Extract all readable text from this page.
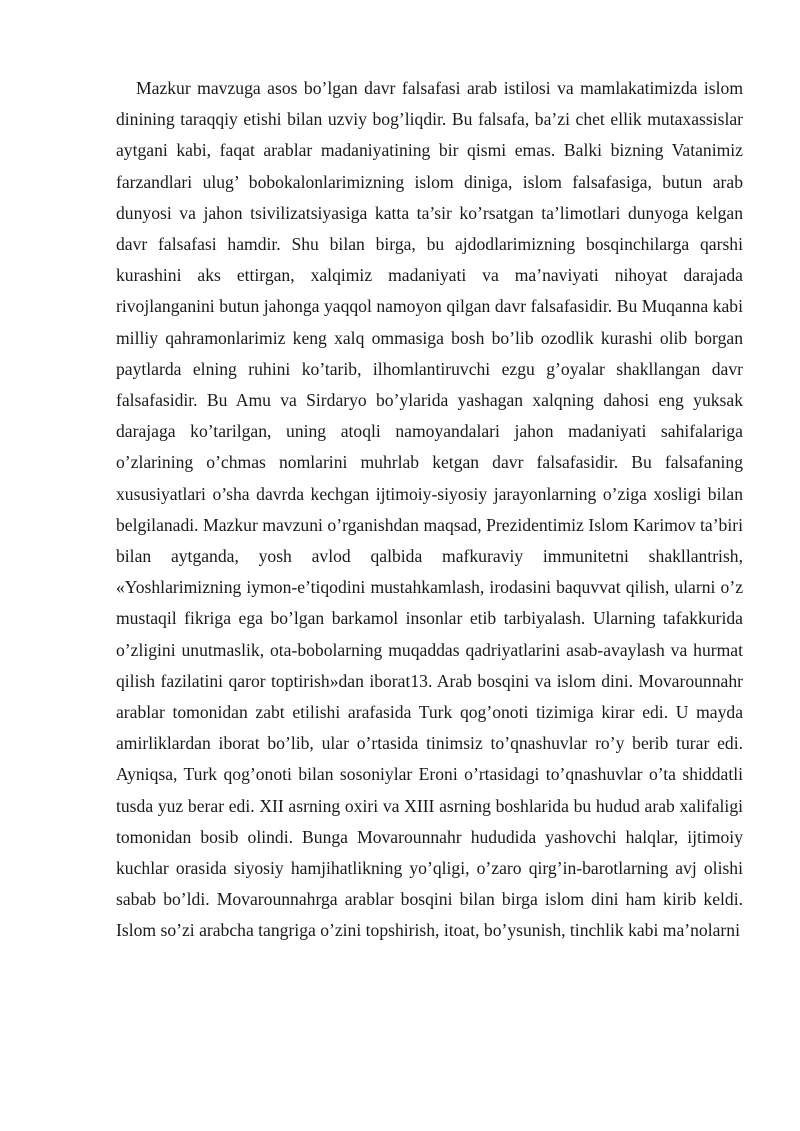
Mazkur mavzuga asos bo’lgan davr falsafasi arab istilosi va mamlakatimizda islom dinining taraqqiy etishi bilan uzviy bog’liqdir. Bu falsafa, ba’zi chet ellik mutaxassislar aytgani kabi, faqat arablar madaniyatining bir qismi emas. Balki bizning Vatanimiz farzandlari ulug’ bobokalonlarimizning islom diniga, islom falsafasiga, butun arab dunyosi va jahon tsivilizatsiyasiga katta ta’sir ko’rsatgan ta’limotlari dunyoga kelgan davr falsafasi hamdir. Shu bilan birga, bu ajdodlarimizning bosqinchilarga qarshi kurashini aks ettirgan, xalqimiz madaniyati va ma’naviyati nihoyat darajada rivojlanganini butun jahonga yaqqol namoyon qilgan davr falsafasidir. Bu Muqanna kabi milliy qahramonlarimiz keng xalq ommasiga bosh bo’lib ozodlik kurashi olib borgan paytlarda elning ruhini ko’tarib, ilhomlantiruvchi ezgu g’oyalar shakllangan davr falsafasidir. Bu Amu va Sirdaryo bo’ylarida yashagan xalqning dahosi eng yuksak darajaga ko’tarilgan, uning atoqli namoyandalari jahon madaniyati sahifalariga o’zlarining o’chmas nomlarini muhrlab ketgan davr falsafasidir. Bu falsafaning xususiyatlari o’sha davrda kechgan ijtimoiy-siyosiy jarayonlarning o’ziga xosligi bilan belgilanadi. Mazkur mavzuni o’rganishdan maqsad, Prezidentimiz Islom Karimov ta’biri bilan aytganda, yosh avlod qalbida mafkuraviy immunitetni shakllantrish, «Yoshlarimizning iymon-e’tiqodini mustahkamlash, irodasini baquvvat qilish, ularni o’z mustaqil fikriga ega bo’lgan barkamol insonlar etib tarbiyalash. Ularning tafakkurida o’zligini unutmaslik, ota-bobolarning muqaddas qadriyatlarini asab-avaylash va hurmat qilish fazilatini qaror toptirish»dan iborat13. Arab bosqini va islom dini. Movarounnahr arablar tomonidan zabt etilishi arafasida Turk qog’onoti tizimiga kirar edi. U mayda amirliklardan iborat bo’lib, ular o’rtasida tinimsiz to’qnashuvlar ro’y berib turar edi. Ayniqsa, Turk qog’onoti bilan sosoniylar Eroni o’rtasidagi to’qnashuvlar o’ta shiddatli tusda yuz berar edi. XII asrning oxiri va XIII asrning boshlarida bu hudud arab xalifaligi tomonidan bosib olindi. Bunga Movarounnahr hududida yashovchi halqlar, ijtimoiy kuchlar orasida siyosiy hamjihatlikning yo’qligi, o’zaro qirg’in-barotlarning avj olishi sabab bo’ldi. Movarounnahrga arablar bosqini bilan birga islom dini ham kirib keldi. Islom so’zi arabcha tangriga o’zini topshirish, itoat, bo’ysunish, tinchlik kabi ma’nolarni
